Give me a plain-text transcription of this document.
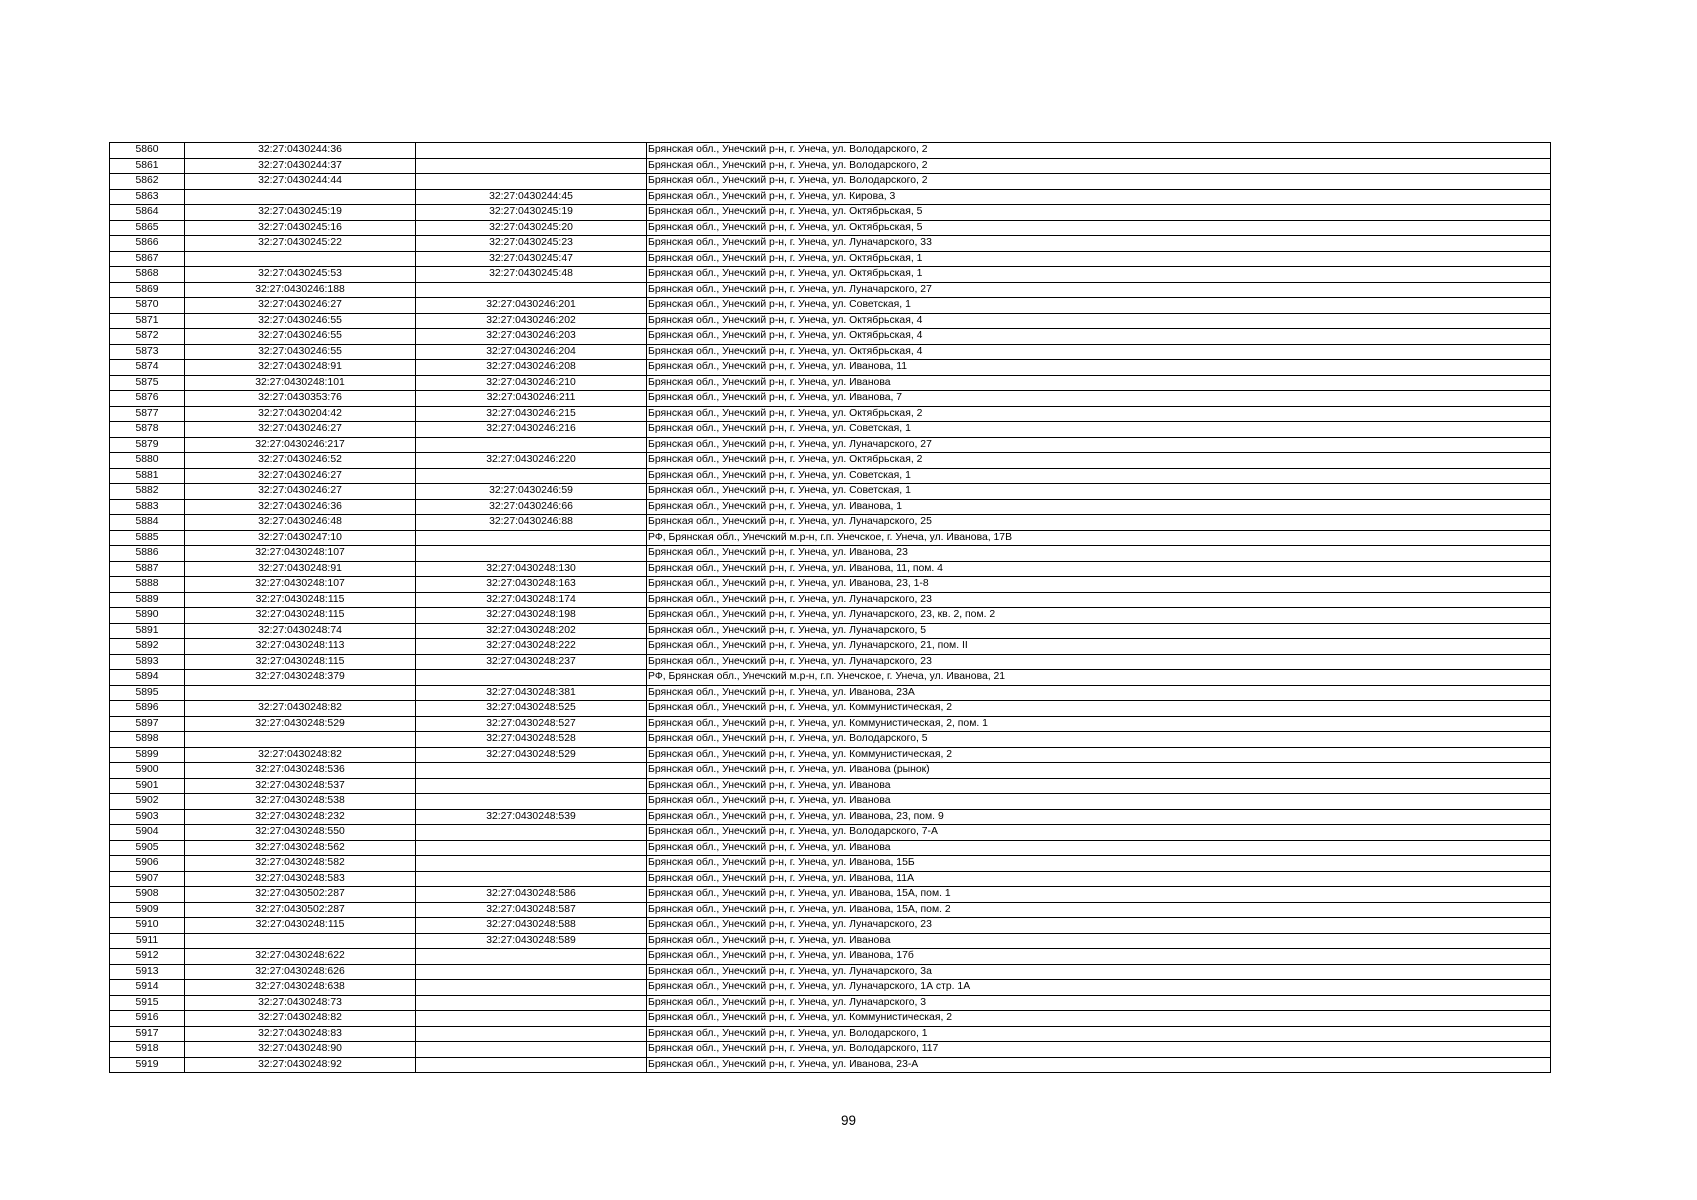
5860	32:27:0430244:36		Брянская обл., Унечский р-н, г. Унеча, ул. Володарского, 2
5861	32:27:0430244:37		Брянская обл., Унечский р-н, г. Унеча, ул. Володарского, 2
5862	32:27:0430244:44		Брянская обл., Унечский р-н, г. Унеча, ул. Володарского, 2
5863		32:27:0430244:45	Брянская обл., Унечский р-н, г. Унеча, ул. Кирова, 3
5864	32:27:0430245:19	32:27:0430245:19	Брянская обл., Унечский р-н, г. Унеча, ул. Октябрьская, 5
5865	32:27:0430245:16	32:27:0430245:20	Брянская обл., Унечский р-н, г. Унеча, ул. Октябрьская, 5
5866	32:27:0430245:22	32:27:0430245:23	Брянская обл., Унечский р-н, г. Унеча, ул. Луначарского, 33
5867		32:27:0430245:47	Брянская обл., Унечский р-н, г. Унеча, ул. Октябрьская, 1
5868	32:27:0430245:53	32:27:0430245:48	Брянская обл., Унечский р-н, г. Унеча, ул. Октябрьская, 1
5869	32:27:0430246:188		Брянская обл., Унечский р-н, г. Унеча, ул. Луначарского, 27
5870	32:27:0430246:27	32:27:0430246:201	Брянская обл., Унечский р-н, г. Унеча, ул. Советская, 1
5871	32:27:0430246:55	32:27:0430246:202	Брянская обл., Унечский р-н, г. Унеча, ул. Октябрьская, 4
5872	32:27:0430246:55	32:27:0430246:203	Брянская обл., Унечский р-н, г. Унеча, ул. Октябрьская, 4
5873	32:27:0430246:55	32:27:0430246:204	Брянская обл., Унечский р-н, г. Унеча, ул. Октябрьская, 4
5874	32:27:0430248:91	32:27:0430246:208	Брянская обл., Унечский р-н, г. Унеча, ул. Иванова, 11
5875	32:27:0430248:101	32:27:0430246:210	Брянская обл., Унечский р-н, г. Унеча, ул. Иванова
5876	32:27:0430353:76	32:27:0430246:211	Брянская обл., Унечский р-н, г. Унеча, ул. Иванова, 7
5877	32:27:0430204:42	32:27:0430246:215	Брянская обл., Унечский р-н, г. Унеча, ул. Октябрьская, 2
5878	32:27:0430246:27	32:27:0430246:216	Брянская обл., Унечский р-н, г. Унеча, ул. Советская, 1
5879	32:27:0430246:217		Брянская обл., Унечский р-н, г. Унеча, ул. Луначарского, 27
5880	32:27:0430246:52	32:27:0430246:220	Брянская обл., Унечский р-н, г. Унеча, ул. Октябрьская, 2
5881	32:27:0430246:27		Брянская обл., Унечский р-н, г. Унеча, ул. Советская, 1
5882	32:27:0430246:27	32:27:0430246:59	Брянская обл., Унечский р-н, г. Унеча, ул. Советская, 1
5883	32:27:0430246:36	32:27:0430246:66	Брянская обл., Унечский р-н, г. Унеча, ул. Иванова, 1
5884	32:27:0430246:48	32:27:0430246:88	Брянская обл., Унечский р-н, г. Унеча, ул. Луначарского, 25
5885	32:27:0430247:10		РФ, Брянская обл., Унечский м.р-н, г.п. Унечское, г. Унеча, ул. Иванова, 17В
5886	32:27:0430248:107		Брянская обл., Унечский р-н, г. Унеча, ул. Иванова, 23
5887	32:27:0430248:91	32:27:0430248:130	Брянская обл., Унечский р-н, г. Унеча, ул. Иванова, 11, пом. 4
5888	32:27:0430248:107	32:27:0430248:163	Брянская обл., Унечский р-н, г. Унеча, ул. Иванова, 23, 1-8
5889	32:27:0430248:115	32:27:0430248:174	Брянская обл., Унечский р-н, г. Унеча, ул. Луначарского, 23
5890	32:27:0430248:115	32:27:0430248:198	Брянская обл., Унечский р-н, г. Унеча, ул. Луначарского, 23, кв. 2, пом. 2
5891	32:27:0430248:74	32:27:0430248:202	Брянская обл., Унечский р-н, г. Унеча, ул. Луначарского, 5
5892	32:27:0430248:113	32:27:0430248:222	Брянская обл., Унечский р-н, г. Унеча, ул. Луначарского, 21, пом. II
5893	32:27:0430248:115	32:27:0430248:237	Брянская обл., Унечский р-н, г. Унеча, ул. Луначарского, 23
5894	32:27:0430248:379		РФ, Брянская обл., Унечский м.р-н, г.п. Унечское, г. Унеча, ул. Иванова, 21
5895		32:27:0430248:381	Брянская обл., Унечский р-н, г. Унеча, ул. Иванова, 23А
5896	32:27:0430248:82	32:27:0430248:525	Брянская обл., Унечский р-н, г. Унеча, ул. Коммунистическая, 2
5897	32:27:0430248:529	32:27:0430248:527	Брянская обл., Унечский р-н, г. Унеча, ул. Коммунистическая, 2, пом. 1
5898		32:27:0430248:528	Брянская обл., Унечский р-н, г. Унеча, ул. Володарского, 5
5899	32:27:0430248:82	32:27:0430248:529	Брянская обл., Унечский р-н, г. Унеча, ул. Коммунистическая, 2
5900	32:27:0430248:536		Брянская обл., Унечский р-н, г. Унеча, ул. Иванова (рынок)
5901	32:27:0430248:537		Брянская обл., Унечский р-н, г. Унеча, ул. Иванова
5902	32:27:0430248:538		Брянская обл., Унечский р-н, г. Унеча, ул. Иванова
5903	32:27:0430248:232	32:27:0430248:539	Брянская обл., Унечский р-н, г. Унеча, ул. Иванова, 23, пом. 9
5904	32:27:0430248:550		Брянская обл., Унечский р-н, г. Унеча, ул. Володарского, 7-А
5905	32:27:0430248:562		Брянская обл., Унечский р-н, г. Унеча, ул. Иванова
5906	32:27:0430248:582		Брянская обл., Унечский р-н, г. Унеча, ул. Иванова, 15Б
5907	32:27:0430248:583		Брянская обл., Унечский р-н, г. Унеча, ул. Иванова, 11А
5908	32:27:0430502:287	32:27:0430248:586	Брянская обл., Унечский р-н, г. Унеча, ул. Иванова, 15А, пом. 1
5909	32:27:0430502:287	32:27:0430248:587	Брянская обл., Унечский р-н, г. Унеча, ул. Иванова, 15А, пом. 2
5910	32:27:0430248:115	32:27:0430248:588	Брянская обл., Унечский р-н, г. Унеча, ул. Луначарского, 23
5911		32:27:0430248:589	Брянская обл., Унечский р-н, г. Унеча, ул. Иванова
5912	32:27:0430248:622		Брянская обл., Унечский р-н, г. Унеча, ул. Иванова, 17б
5913	32:27:0430248:626		Брянская обл., Унечский р-н, г. Унеча, ул. Луначарского, 3а
5914	32:27:0430248:638		Брянская обл., Унечский р-н, г. Унеча, ул. Луначарского, 1А стр. 1А
5915	32:27:0430248:73		Брянская обл., Унечский р-н, г. Унеча, ул. Луначарского, 3
5916	32:27:0430248:82		Брянская обл., Унечский р-н, г. Унеча, ул. Коммунистическая, 2
5917	32:27:0430248:83		Брянская обл., Унечский р-н, г. Унеча, ул. Володарского, 1
5918	32:27:0430248:90		Брянская обл., Унечский р-н, г. Унеча, ул. Володарского, 117
5919	32:27:0430248:92		Брянская обл., Унечский р-н, г. Унеча, ул. Иванова, 23-А
99
